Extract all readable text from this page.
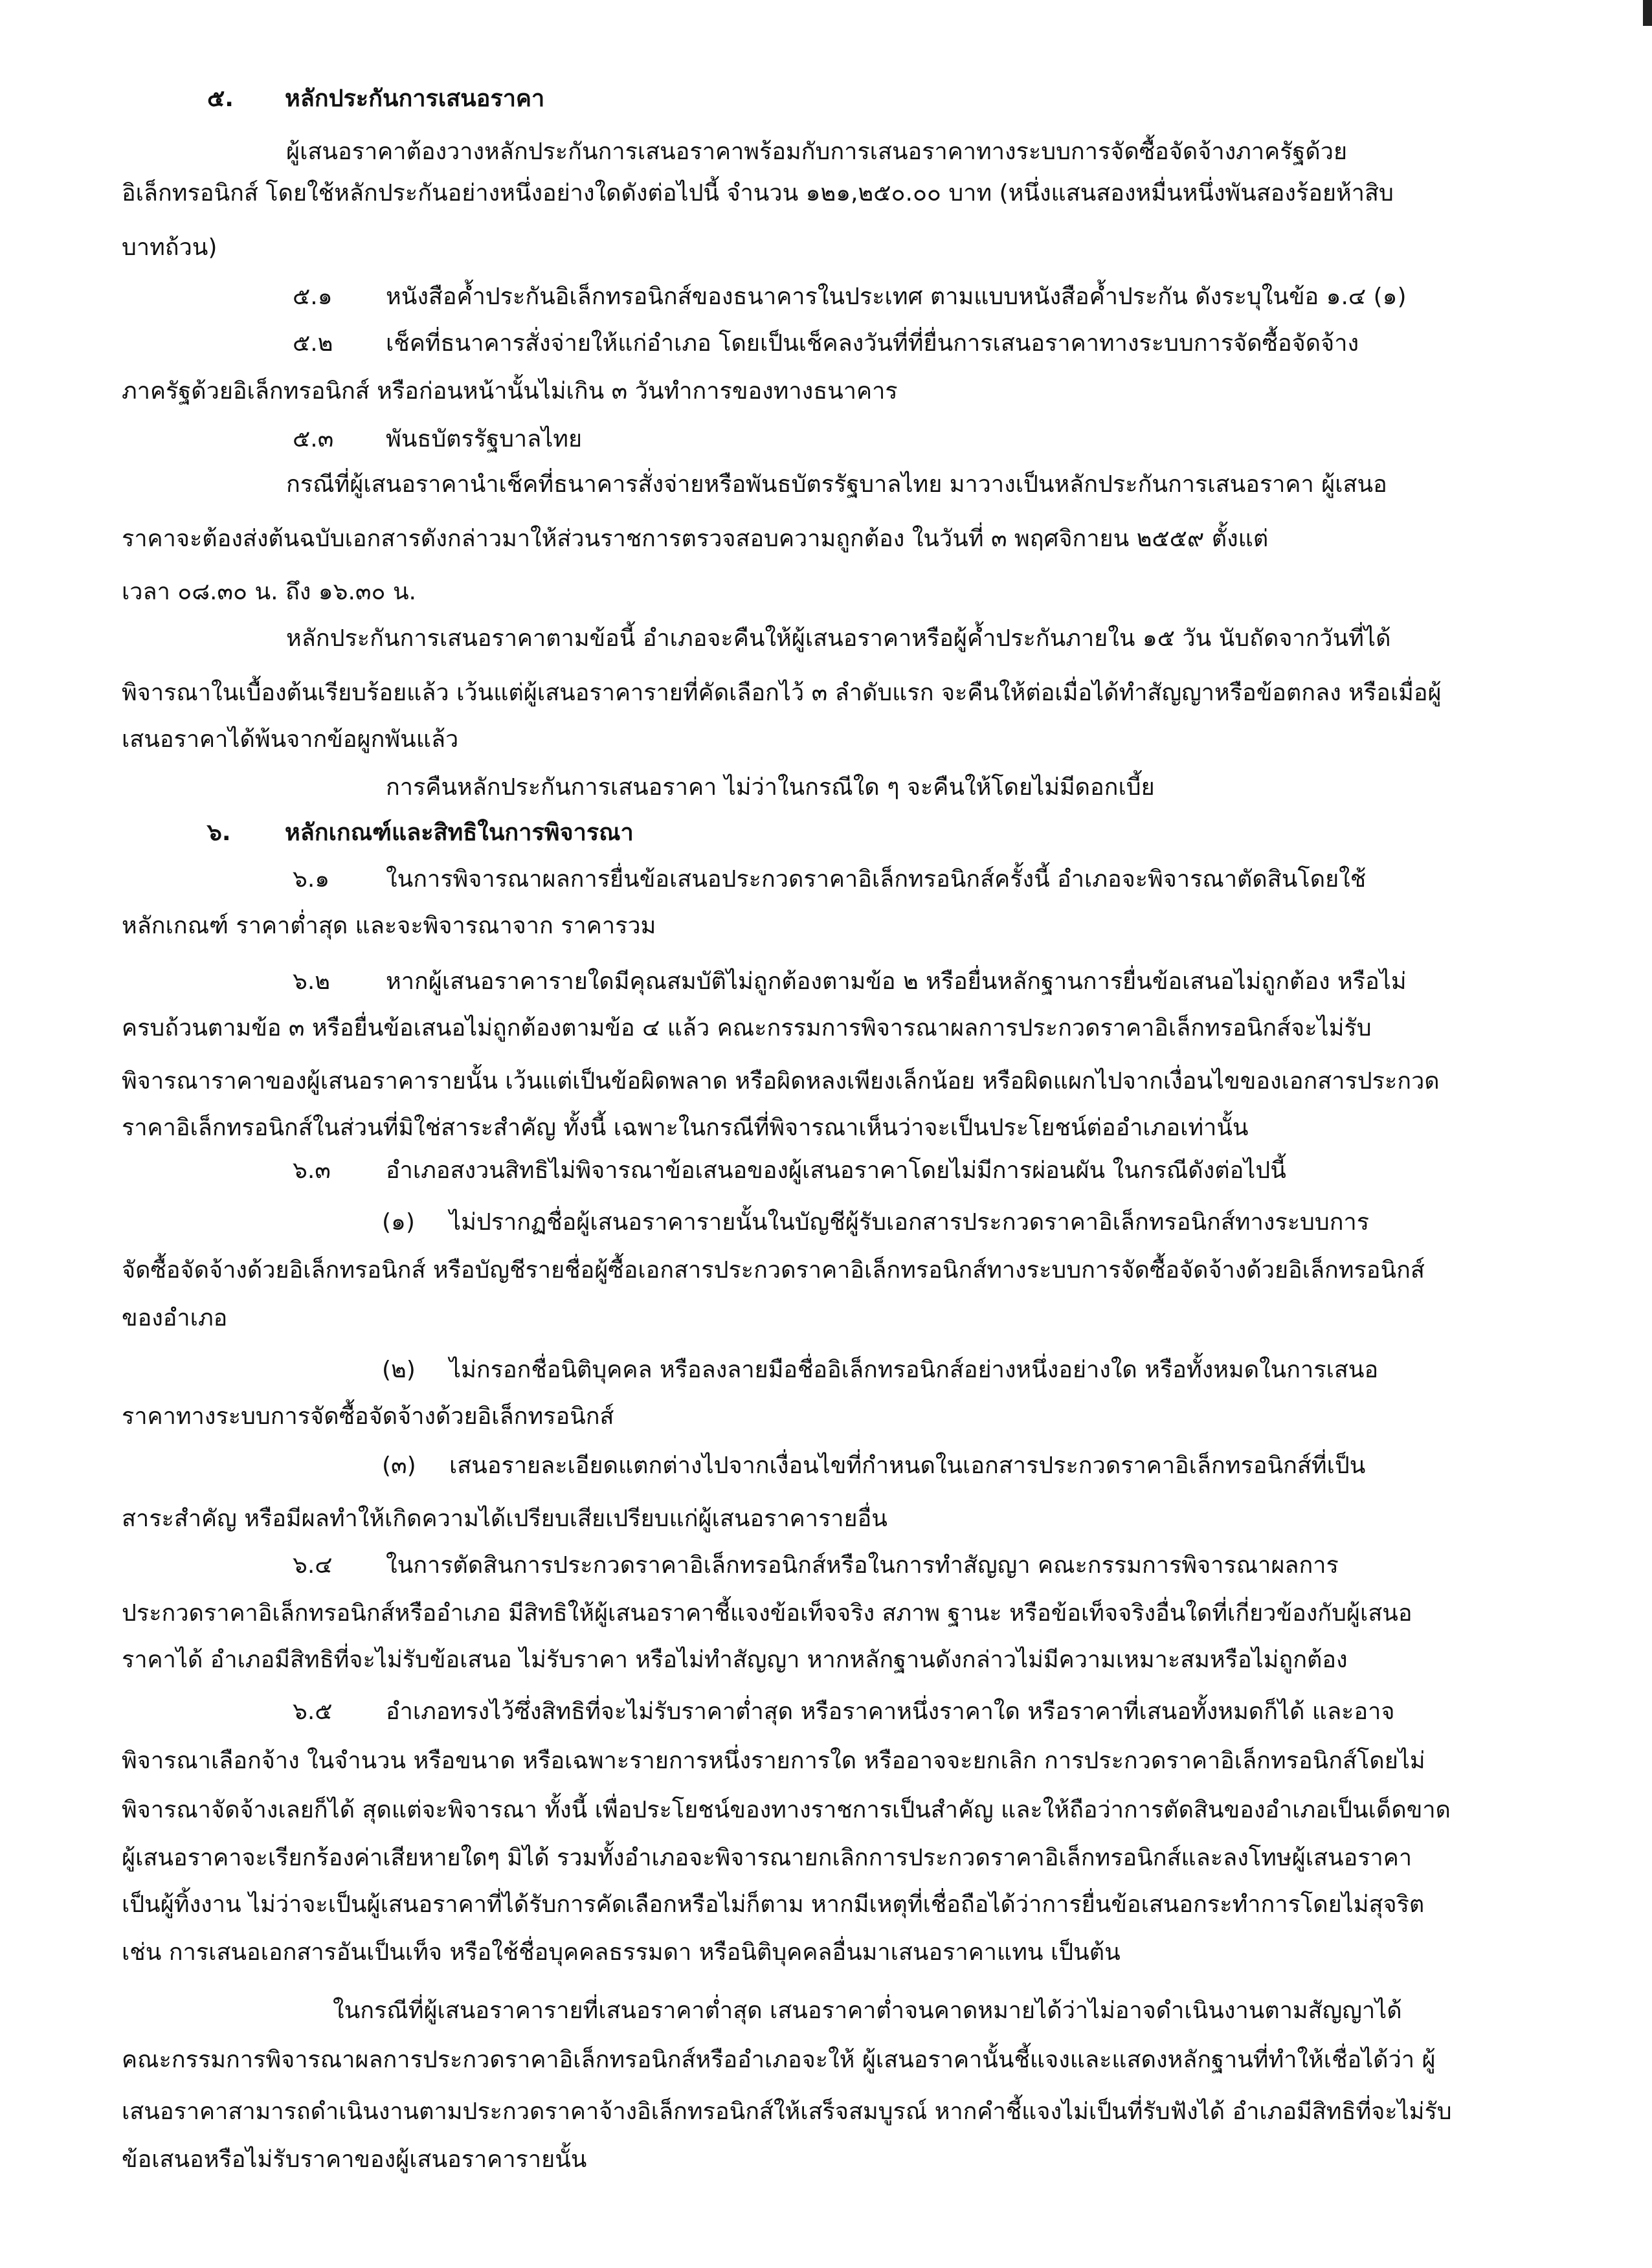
๕. หลักประกันการเสนอราคา
ผู้เสนอราคาต้องวางหลักประกันการเสนอราคาพร้อมกับการเสนอราคาทางระบบการจัดซื้อจัดจ้างภาครัฐด้วย
อิเล็กทรอนิกส์ โดยใช้หลักประกันอย่างหนึ่งอย่างใดดังต่อไปนี้ จำนวน ๑๒๑,๒๕๐.๐๐ บาท (หนึ่งแสนสองหมื่นหนึ่งพันสองร้อยห้าสิบ
บาทถ้วน)
๕.๑ หนังสือค้ำประกันอิเล็กทรอนิกส์ของธนาคารในประเทศ ตามแบบหนังสือค้ำประกัน ดังระบุในข้อ ๑.๔ (๑)
๕.๒ เช็คที่ธนาคารสั่งจ่ายให้แก่อำเภอ โดยเป็นเช็คลงวันที่ที่ยื่นการเสนอราคาทางระบบการจัดซื้อจัดจ้าง
ภาครัฐด้วยอิเล็กทรอนิกส์ หรือก่อนหน้านั้นไม่เกิน ๓ วันทำการของทางธนาคาร
๕.๓ พันธบัตรรัฐบาลไทย
กรณีที่ผู้เสนอราคานำเช็คที่ธนาคารสั่งจ่ายหรือพันธบัตรรัฐบาลไทย มาวางเป็นหลักประกันการเสนอราคา ผู้เสนอ
ราคาจะต้องส่งต้นฉบับเอกสารดังกล่าวมาให้ส่วนราชการตรวจสอบความถูกต้อง ในวันที่ ๓ พฤศจิกายน ๒๕๕๙ ตั้งแต่
เวลา ๐๘.๓๐ น. ถึง ๑๖.๓๐ น.
หลักประกันการเสนอราคาตามข้อนี้ อำเภอจะคืนให้ผู้เสนอราคาหรือผู้ค้ำประกันภายใน ๑๕ วัน นับถัดจากวันที่ได้
พิจารณาในเบื้องต้นเรียบร้อยแล้ว เว้นแต่ผู้เสนอราคารายที่คัดเลือกไว้ ๓ ลำดับแรก จะคืนให้ต่อเมื่อได้ทำสัญญาหรือข้อตกลง หรือเมื่อผู้
เสนอราคาได้พ้นจากข้อผูกพันแล้ว
การคืนหลักประกันการเสนอราคา ไม่ว่าในกรณีใด ๆ จะคืนให้โดยไม่มีดอกเบี้ย
๖. หลักเกณฑ์และสิทธิในการพิจารณา
๖.๑ ในการพิจารณาผลการยื่นข้อเสนอประกวดราคาอิเล็กทรอนิกส์ครั้งนี้ อำเภอจะพิจารณาตัดสินโดยใช้
หลักเกณฑ์ ราคาต่ำสุด และจะพิจารณาจาก ราคารวม
๖.๒ หากผู้เสนอราคารายใดมีคุณสมบัติไม่ถูกต้องตามข้อ ๒ หรือยื่นหลักฐานการยื่นข้อเสนอไม่ถูกต้อง หรือไม่
ครบถ้วนตามข้อ ๓ หรือยื่นข้อเสนอไม่ถูกต้องตามข้อ ๔ แล้ว คณะกรรมการพิจารณาผลการประกวดราคาอิเล็กทรอนิกส์จะไม่รับ
พิจารณาราคาของผู้เสนอราคารายนั้น เว้นแต่เป็นข้อผิดพลาด หรือผิดหลงเพียงเล็กน้อย หรือผิดแผกไปจากเงื่อนไขของเอกสารประกวด
ราคาอิเล็กทรอนิกส์ในส่วนที่มิใช่สาระสำคัญ ทั้งนี้ เฉพาะในกรณีที่พิจารณาเห็นว่าจะเป็นประโยชน์ต่ออำเภอเท่านั้น
๖.๓ อำเภอสงวนสิทธิไม่พิจารณาข้อเสนอของผู้เสนอราคาโดยไม่มีการผ่อนผัน ในกรณีดังต่อไปนี้
(๑) ไม่ปรากฏชื่อผู้เสนอราคารายนั้นในบัญชีผู้รับเอกสารประกวดราคาอิเล็กทรอนิกส์ทางระบบการ
จัดซื้อจัดจ้างด้วยอิเล็กทรอนิกส์ หรือบัญชีรายชื่อผู้ซื้อเอกสารประกวดราคาอิเล็กทรอนิกส์ทางระบบการจัดซื้อจัดจ้างด้วยอิเล็กทรอนิกส์
ของอำเภอ
(๒) ไม่กรอกชื่อนิติบุคคล หรือลงลายมือชื่ออิเล็กทรอนิกส์อย่างหนึ่งอย่างใด หรือทั้งหมดในการเสนอ
ราคาทางระบบการจัดซื้อจัดจ้างด้วยอิเล็กทรอนิกส์
(๓) เสนอรายละเอียดแตกต่างไปจากเงื่อนไขที่กำหนดในเอกสารประกวดราคาอิเล็กทรอนิกส์ที่เป็น
สาระสำคัญ หรือมีผลทำให้เกิดความได้เปรียบเสียเปรียบแก่ผู้เสนอราคารายอื่น
๖.๔ ในการตัดสินการประกวดราคาอิเล็กทรอนิกส์หรือในการทำสัญญา คณะกรรมการพิจารณาผลการ
ประกวดราคาอิเล็กทรอนิกส์หรืออำเภอ มีสิทธิให้ผู้เสนอราคาชี้แจงข้อเท็จจริง สภาพ ฐานะ หรือข้อเท็จจริงอื่นใดที่เกี่ยวข้องกับผู้เสนอ
ราคาได้ อำเภอมีสิทธิที่จะไม่รับข้อเสนอ ไม่รับราคา หรือไม่ทำสัญญา หากหลักฐานดังกล่าวไม่มีความเหมาะสมหรือไม่ถูกต้อง
๖.๕ อำเภอทรงไว้ซึ่งสิทธิที่จะไม่รับราคาต่ำสุด หรือราคาหนึ่งราคาใด หรือราคาที่เสนอทั้งหมดก็ได้ และอาจ
พิจารณาเลือกจ้าง ในจำนวน หรือขนาด หรือเฉพาะรายการหนึ่งรายการใด หรืออาจจะยกเลิก การประกวดราคาอิเล็กทรอนิกส์โดยไม่
พิจารณาจัดจ้างเลยก็ได้ สุดแต่จะพิจารณา ทั้งนี้ เพื่อประโยชน์ของทางราชการเป็นสำคัญ และให้ถือว่าการตัดสินของอำเภอเป็นเด็ดขาด
ผู้เสนอราคาจะเรียกร้องค่าเสียหายใดๆ มิได้ รวมทั้งอำเภอจะพิจารณายกเลิกการประกวดราคาอิเล็กทรอนิกส์และลงโทษผู้เสนอราคา
เป็นผู้ทิ้งงาน ไม่ว่าจะเป็นผู้เสนอราคาที่ได้รับการคัดเลือกหรือไม่ก็ตาม หากมีเหตุที่เชื่อถือได้ว่าการยื่นข้อเสนอกระทำการโดยไม่สุจริต
เช่น การเสนอเอกสารอันเป็นเท็จ หรือใช้ชื่อบุคคลธรรมดา หรือนิติบุคคลอื่นมาเสนอราคาแทน เป็นต้น
ในกรณีที่ผู้เสนอราคารายที่เสนอราคาต่ำสุด เสนอราคาต่ำจนคาดหมายได้ว่าไม่อาจดำเนินงานตามสัญญาได้
คณะกรรมการพิจารณาผลการประกวดราคาอิเล็กทรอนิกส์หรืออำเภอจะให้ ผู้เสนอราคานั้นชี้แจงและแสดงหลักฐานที่ทำให้เชื่อได้ว่า ผู้
เสนอราคาสามารถดำเนินงานตามประกวดราคาจ้างอิเล็กทรอนิกส์ให้เสร็จสมบูรณ์ หากคำชี้แจงไม่เป็นที่รับฟังได้ อำเภอมีสิทธิที่จะไม่รับ
ข้อเสนอหรือไม่รับราคาของผู้เสนอราคารายนั้น
